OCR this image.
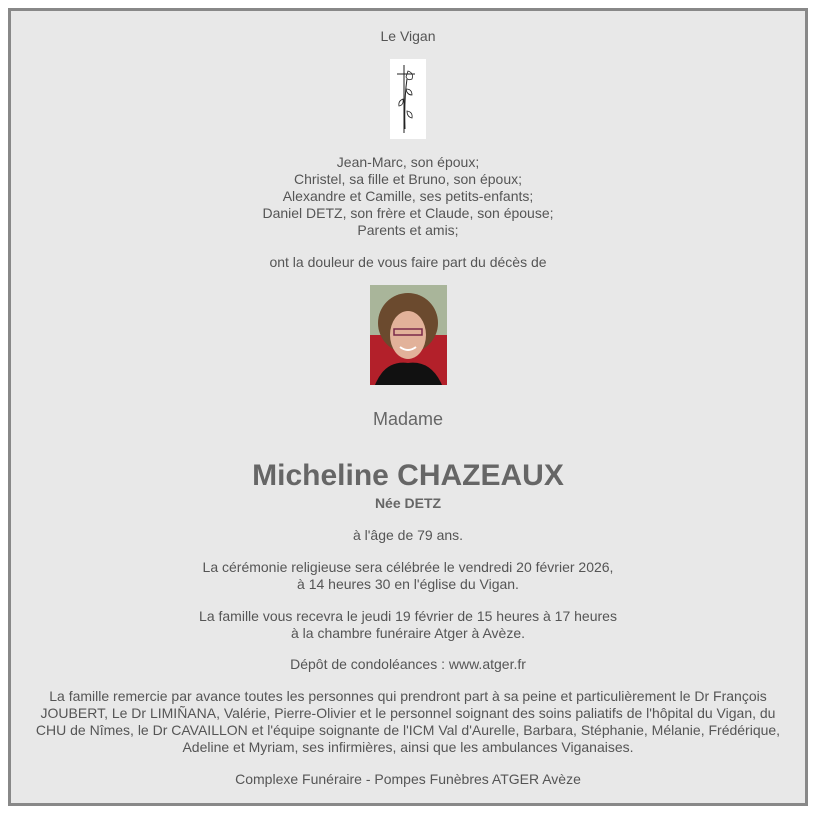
Le Vigan
Jean-Marc, son époux;
Christel, sa fille et Bruno, son époux;
Alexandre et Camille, ses petits-enfants;
Daniel DETZ, son frère et Claude, son épouse;
Parents et amis;
ont la douleur de vous faire part du décès de
Madame
Micheline CHAZEAUX
Née DETZ
à l'âge de 79 ans.
La cérémonie religieuse sera célébrée le vendredi 20 février 2026,
à 14 heures 30 en l'église du Vigan.
La famille vous recevra le jeudi 19 février de 15 heures à 17 heures
à la chambre funéraire Atger à Avèze.
Dépôt de condoléances : www.atger.fr
La famille remercie par avance toutes les personnes qui prendront part à sa peine et particulièrement le Dr François
JOUBERT, Le Dr LIMIÑANA, Valérie, Pierre-Olivier et le personnel soignant des soins paliatifs de l'hôpital du Vigan, du
CHU de Nîmes, le Dr CAVAILLON et l'équipe soignante de l'ICM Val d'Aurelle, Barbara, Stéphanie, Mélanie, Frédérique,
Adeline et Myriam, ses infirmières, ainsi que les ambulances Viganaises.
Complexe Funéraire - Pompes Funèbres ATGER Avèze
